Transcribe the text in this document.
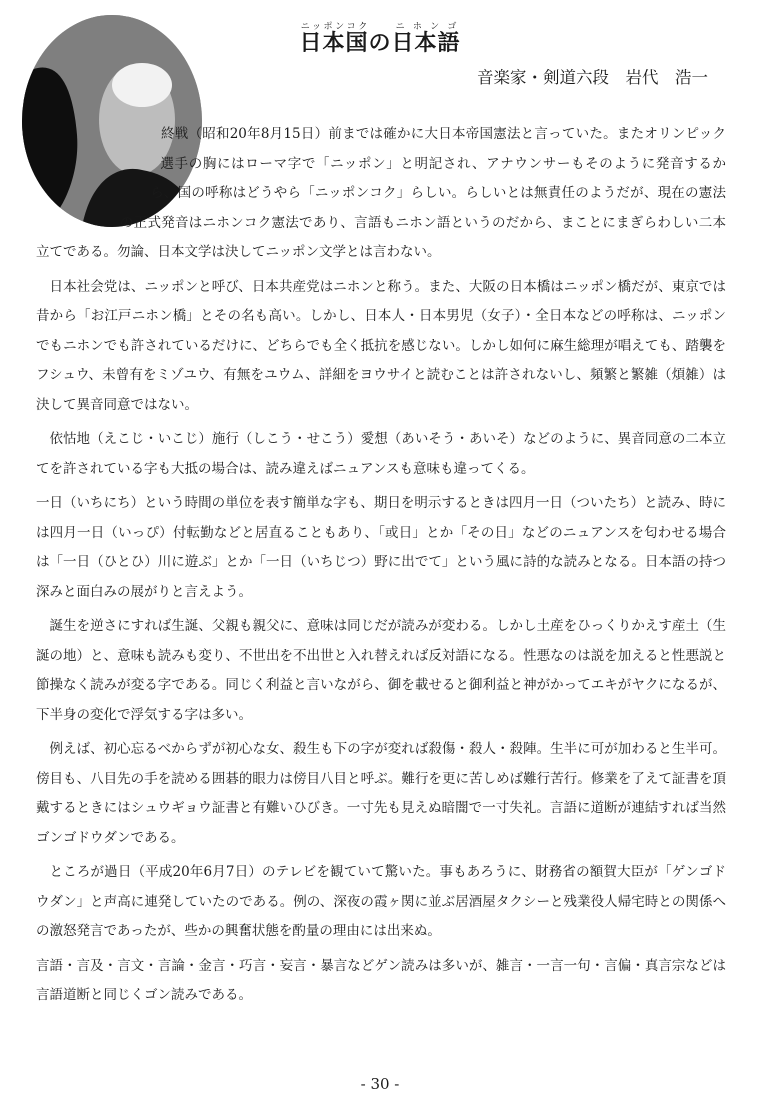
日本国ニッポンコクの日本語ニホンゴ

音楽家・剣道六段　岩代　浩一

終戦（昭和20年8月15日）前までは確かに大日本帝国憲法と言っていた。またオリンピック選手の胸にはローマ字で「ニッポン」と明記され、アナウンサーもそのように発音するから、国の呼称はどうやら「ニッポンコク」らしい。らしいとは無責任のようだが、現在の憲法の正式発音はニホンコク憲法であり、言語もニホン語というのだから、まことにまぎらわしい二本立てである。勿論、日本文学は決してニッポン文学とは言わない。

日本社会党は、ニッポンと呼び、日本共産党はニホンと称う。また、大阪の日本橋はニッポン橋だが、東京では昔から「お江戸ニホン橋」とその名も高い。しかし、日本人・日本男児（女子）・全日本などの呼称は、ニッポンでもニホンでも許されているだけに、どちらでも全く抵抗を感じない。しかし如何に麻生総理が唱えても、踏襲をフシュウ、未曾有をミゾユウ、有無をユウム、詳細をヨウサイと読むことは許されないし、頻繁と繁雑（煩雑）は決して異音同意ではない。

依怙地（えこじ・いこじ）施行（しこう・せこう）愛想（あいそう・あいそ）などのように、異音同意の二本立てを許されている字も大抵の場合は、読み違えばニュアンスも意味も違ってくる。

一日（いちにち）という時間の単位を表す簡単な字も、期日を明示するときは四月一日（ついたち）と読み、時には四月一日（いっぴ）付転勤などと居直ることもあり、「或日」とか「その日」などのニュアンスを匂わせる場合は「一日（ひとひ）川に遊ぶ」とか「一日（いちじつ）野に出でて」という風に詩的な読みとなる。日本語の持つ深みと面白みの展がりと言えよう。

誕生を逆さにすれば生誕、父親も親父に、意味は同じだが読みが変わる。しかし土産をひっくりかえす産土（生誕の地）と、意味も読みも変り、不世出を不出世と入れ替えれば反対語になる。性悪なのは説を加えると性悪説と節操なく読みが変る字である。同じく利益と言いながら、御を載せると御利益と神がかってエキがヤクになるが、下半身の変化で浮気する字は多い。

例えば、初心忘るべからずが初心な女、殺生も下の字が変れば殺傷・殺人・殺陣。生半に可が加わると生半可。傍目も、八目先の手を読める囲碁的眼力は傍目八目と呼ぶ。難行を更に苦しめば難行苦行。修業を了えて証書を頂戴するときにはシュウギョウ証書と有難いひびき。一寸先も見えぬ暗闇で一寸失礼。言語に道断が連結すれば当然ゴンゴドウダンである。

ところが過日（平成20年6月7日）のテレビを観ていて驚いた。事もあろうに、財務省の額賀大臣が「ゲンゴドウダン」と声高に連発していたのである。例の、深夜の霞ヶ関に並ぶ居酒屋タクシーと残業役人帰宅時との関係への激怒発言であったが、些かの興奮状態を酌量の理由には出来ぬ。

言語・言及・言文・言論・金言・巧言・妄言・暴言などゲン読みは多いが、雑言・一言一句・言偏・真言宗などは言語道断と同じくゴン読みである。

- 30 -
